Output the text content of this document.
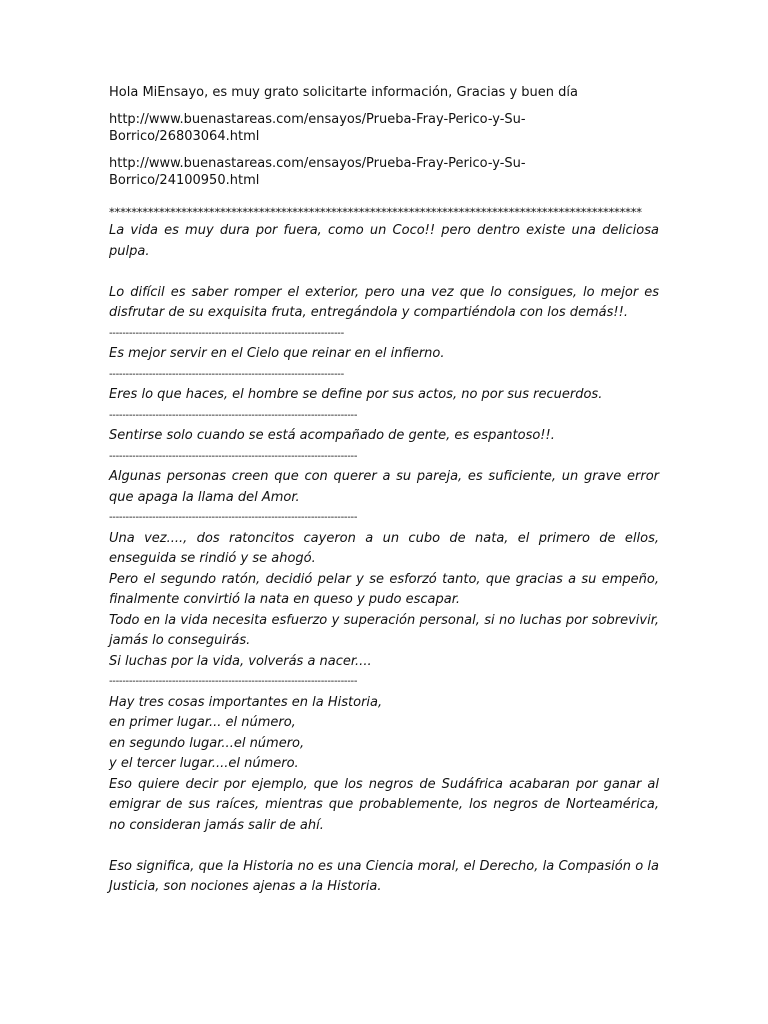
Hola MiEnsayo, es muy grato solicitarte información, Gracias y buen día
http://www.buenastareas.com/ensayos/Prueba-Fray-Perico-y-Su-
Borrico/26803064.html
http://www.buenastareas.com/ensayos/Prueba-Fray-Perico-y-Su-
Borrico/24100950.html
************************************************************************************************

La vida es muy dura por fuera, como un Coco!! pero dentro existe una deliciosa pulpa.

Lo difícil es saber romper el exterior, pero una vez que lo consigues, lo mejor es disfrutar de su exquisita fruta, entregándola y compartiéndola con los demás!!.

-----------------------------------------------------------------------

Es mejor servir en el Cielo que reinar en el infierno.

-----------------------------------------------------------------------

Eres lo que haces, el hombre se define por sus actos, no por sus recuerdos.

---------------------------------------------------------------------------

Sentirse solo cuando se está acompañado de gente, es espantoso!!.

---------------------------------------------------------------------------

Algunas personas creen que con querer a su pareja, es suficiente, un grave error que apaga la llama del Amor.

---------------------------------------------------------------------------

Una vez...., dos ratoncitos cayeron a un cubo de nata, el primero de ellos, enseguida se rindió y se ahogó.

Pero el segundo ratón, decidió pelar y se esforzó tanto, que gracias a su empeño, finalmente convirtió la nata en queso y pudo escapar.

Todo en la vida necesita esfuerzo y superación personal, si no luchas por sobrevivir, jamás lo conseguirás.

Si luchas por la vida, volverás a nacer....

---------------------------------------------------------------------------

Hay tres cosas importantes en la Historia,

en primer lugar... el número,

en segundo lugar...el número,

y el tercer lugar....el número.

Eso quiere decir por ejemplo, que los negros de Sudáfrica acabaran por ganar al emigrar de sus raíces, mientras que probablemente, los negros de Norteamérica, no consideran jamás salir de ahí.

Eso significa, que la Historia no es una Ciencia moral, el Derecho, la Compasión o la Justicia, son nociones ajenas a la Historia.
